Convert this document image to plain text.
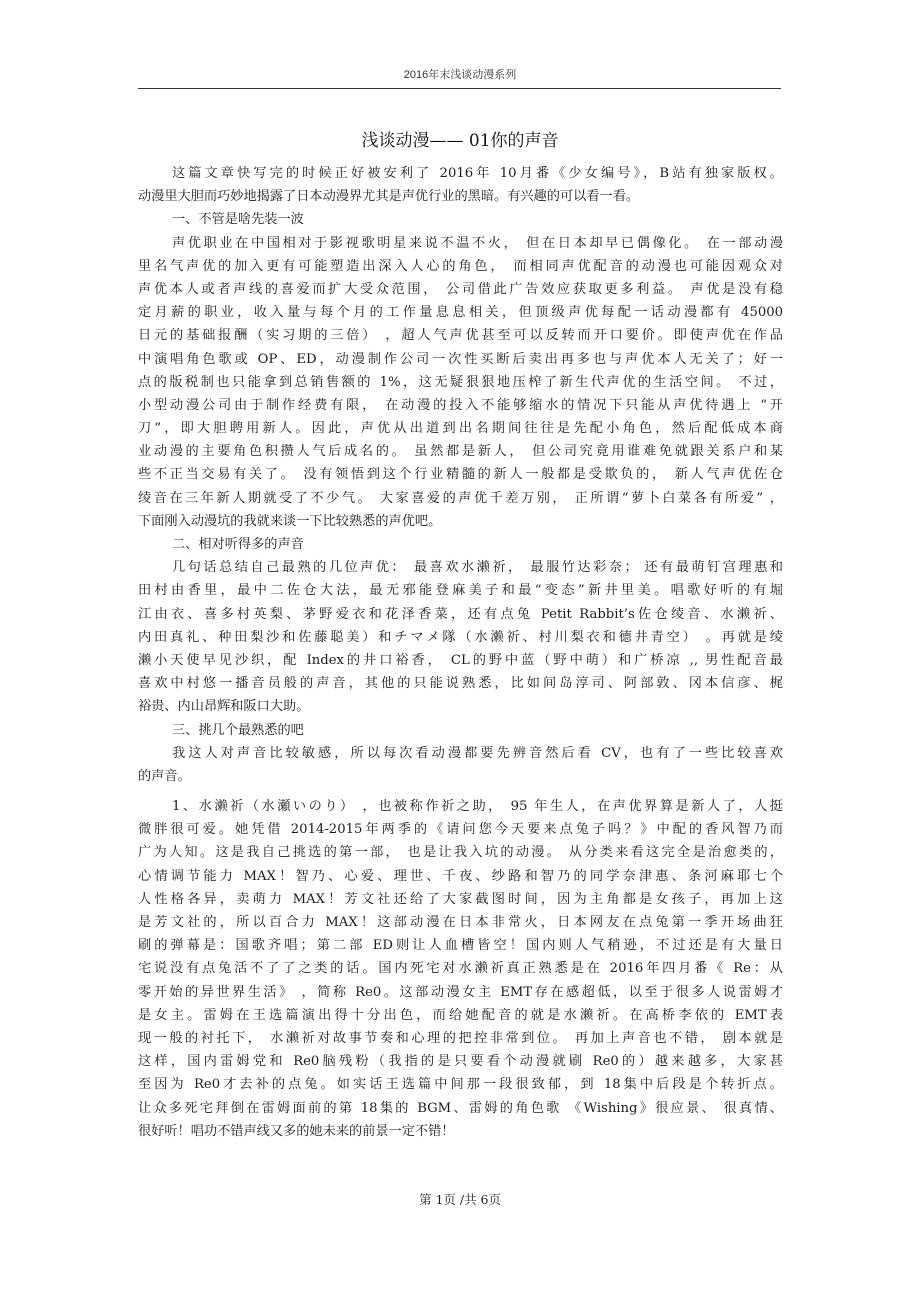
2016年末浅谈动漫系列
浅谈动漫—— 01你的声音
这篇文章快写完的时候正好被安利了 2016年 10月番《少女编号》，B站有独家版权。
动漫里大胆而巧妙地揭露了日本动漫界尤其是声优行业的黑暗。有兴趣的可以看一看。
一、不管是啥先装一波
声优职业在中国相对于影视歌明星来说不温不火， 但在日本却早已偶像化。 在一部动漫
里名气声优的加入更有可能塑造出深入人心的角色， 而相同声优配音的动漫也可能因观众对
声优本人或者声线的喜爱而扩大受众范围， 公司借此广告效应获取更多利益。 声优是没有稳
定月薪的职业，收入量与每个月的工作量息息相关，但顶级声优每配一话动漫都有 45000
日元的基础报酬（实习期的三倍） ，超人气声优甚至可以反转而开口要价。即使声优在作品
中演唱角色歌或 OP、ED，动漫制作公司一次性买断后卖出再多也与声优本人无关了；好一
点的版税制也只能拿到总销售额的 1%，这无疑狠狠地压榨了新生代声优的生活空间。 不过，
小型动漫公司由于制作经费有限， 在动漫的投入不能够缩水的情况下只能从声优待遇上 “开
刀”，即大胆聘用新人。因此，声优从出道到出名期间往往是先配小角色，然后配低成本商
业动漫的主要角色积攒人气后成名的。 虽然都是新人， 但公司究竟用谁难免就跟关系户和某
些不正当交易有关了。 没有领悟到这个行业精髓的新人一般都是受欺负的， 新人气声优佐仓
绫音在三年新人期就受了不少气。 大家喜爱的声优千差万别， 正所谓“萝卜白菜各有所爱” ，
下面刚入动漫坑的我就来谈一下比较熟悉的声优吧。
二、相对听得多的声音
几句话总结自己最熟的几位声优： 最喜欢水濑祈， 最服竹达彩奈； 还有最萌钉宫理惠和
田村由香里，最中二佐仓大法，最无邪能登麻美子和最“变态”新井里美。唱歌好听的有堀
江由衣、喜多村英梨、茅野爱衣和花泽香菜，还有点兔 Petit Rabbit’s佐仓绫音、水濑祈、
内田真礼、种田梨沙和佐藤聪美）和チマメ隊（水濑祈、村川梨衣和德井青空） 。再就是绫
濑小天使早见沙织，配 Index的井口裕香， CL的野中蓝（野中萌）和广桥凉 ,, 男性配音最
喜欢中村悠一播音员般的声音，其他的只能说熟悉，比如间岛淳司、阿部敦、冈本信彦、梶
裕贵、内山昂辉和阪口大助。
三、挑几个最熟悉的吧
我这人对声音比较敏感，所以每次看动漫都要先辨音然后看 CV，也有了一些比较喜欢
的声音。
1、水濑祈（水瀬いのり） ，也被称作祈之助， 95 年生人，在声优界算是新人了，人挺
微胖很可爱。她凭借 2014-2015年两季的《请问您今天要来点兔子吗？》中配的香风智乃而
广为人知。这是我自己挑选的第一部， 也是让我入坑的动漫。 从分类来看这完全是治愈类的，
心情调节能力 MAX！智乃、心爱、理世、千夜、纱路和智乃的同学奈津惠、条河麻耶七个
人性格各异，卖萌力 MAX！芳文社还给了大家截图时间，因为主角都是女孩子，再加上这
是芳文社的，所以百合力 MAX！这部动漫在日本非常火，日本网友在点兔第一季开场曲狂
刷的弹幕是：国歌齐唱；第二部 ED则让人血槽皆空！国内则人气稍逊，不过还是有大量日
宅说没有点兔活不了了之类的话。国内死宅对水濑祈真正熟悉是在 2016年四月番《 Re：从
零开始的异世界生活》 ，简称 Re0。这部动漫女主 EMT存在感超低，以至于很多人说雷姆才
是女主。雷姆在王选篇演出得十分出色，而给她配音的就是水濑祈。在高桥李依的 EMT表
现一般的衬托下， 水濑祈对故事节奏和心理的把控非常到位。 再加上声音也不错， 剧本就是
这样，国内雷姆党和 Re0脑残粉（我指的是只要看个动漫就刷 Re0的）越来越多，大家甚
至因为 Re0才去补的点兔。如实话王选篇中间那一段很致郁，到 18集中后段是个转折点。
让众多死宅拜倒在雷姆面前的第 18集的 BGM、雷姆的角色歌 《Wishing》很应景、 很真情、
很好听！唱功不错声线又多的她未来的前景一定不错！
第 1页 /共 6页
